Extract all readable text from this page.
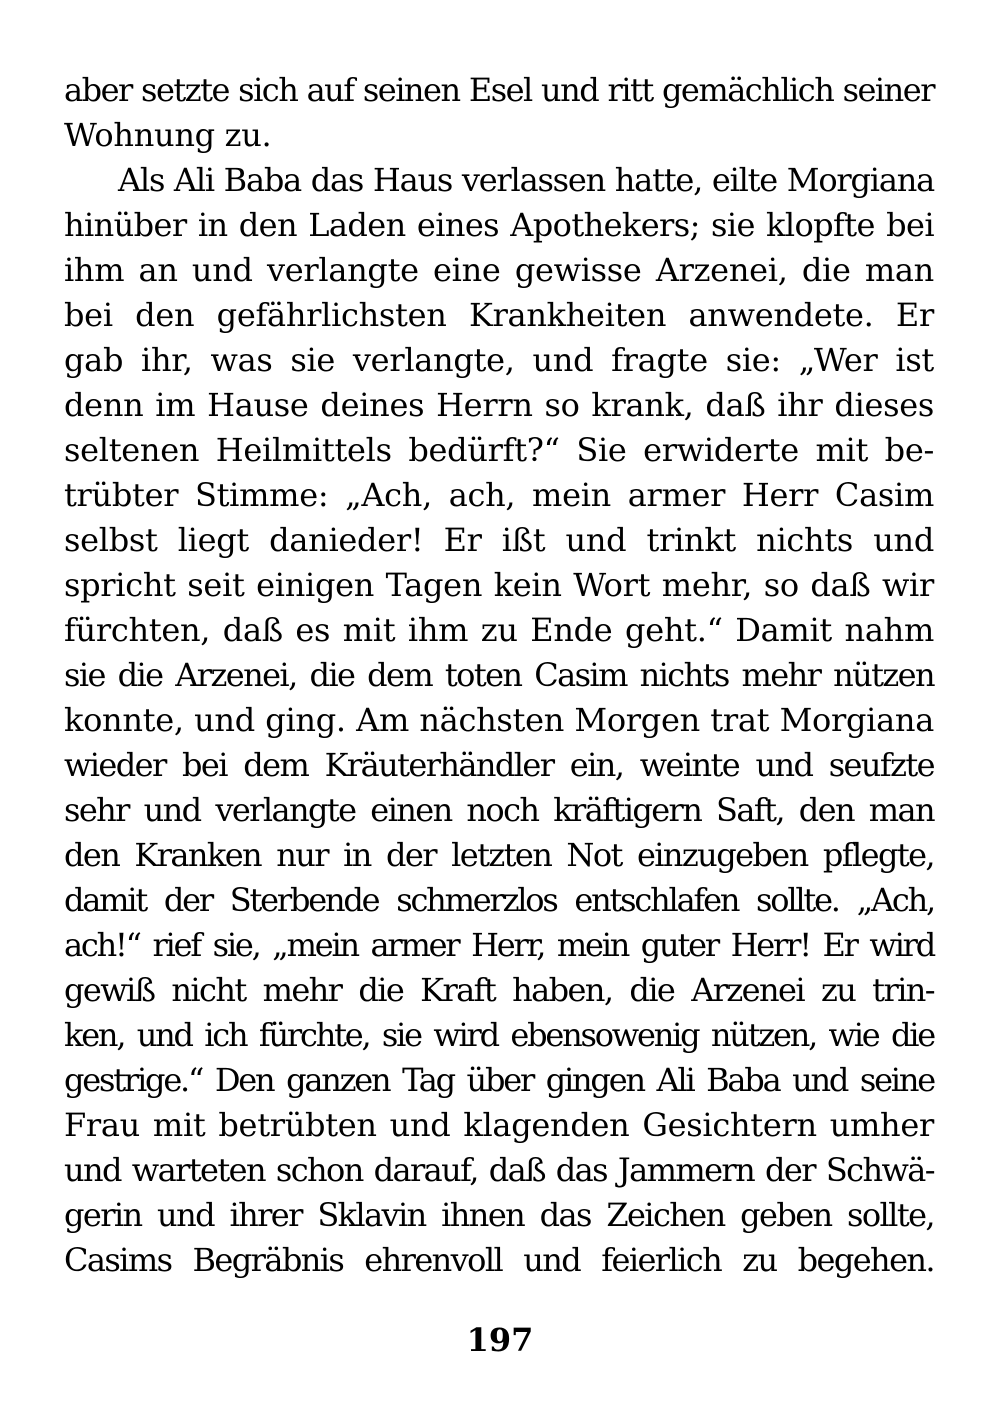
aber setzte sich auf seinen Esel und ritt gemächlich seiner
Wohnung zu.
Als Ali Baba das Haus verlassen hatte, eilte Morgiana
hinüber in den Laden eines Apothekers; sie klopfte bei
ihm an und verlangte eine gewisse Arzenei, die man
bei den gefährlichsten Krankheiten anwendete. Er
gab ihr, was sie verlangte, und fragte sie: „Wer ist
denn im Hause deines Herrn so krank, daß ihr dieses
seltenen Heilmittels bedürft?“ Sie erwiderte mit be-
trübter Stimme: „Ach, ach, mein armer Herr Casim
selbst liegt danieder! Er ißt und trinkt nichts und
spricht seit einigen Tagen kein Wort mehr, so daß wir
fürchten, daß es mit ihm zu Ende geht.“ Damit nahm
sie die Arzenei, die dem toten Casim nichts mehr nützen
konnte, und ging. Am nächsten Morgen trat Morgiana
wieder bei dem Kräuterhändler ein, weinte und seufzte
sehr und verlangte einen noch kräftigern Saft, den man
den Kranken nur in der letzten Not einzugeben pflegte,
damit der Sterbende schmerzlos entschlafen sollte. „Ach,
ach!“ rief sie, „mein armer Herr, mein guter Herr! Er wird
gewiß nicht mehr die Kraft haben, die Arzenei zu trin-
ken, und ich fürchte, sie wird ebensowenig nützen, wie die
gestrige.“ Den ganzen Tag über gingen Ali Baba und seine
Frau mit betrübten und klagenden Gesichtern umher
und warteten schon darauf, daß das Jammern der Schwä-
gerin und ihrer Sklavin ihnen das Zeichen geben sollte,
Casims Begräbnis ehrenvoll und feierlich zu begehen.
197
